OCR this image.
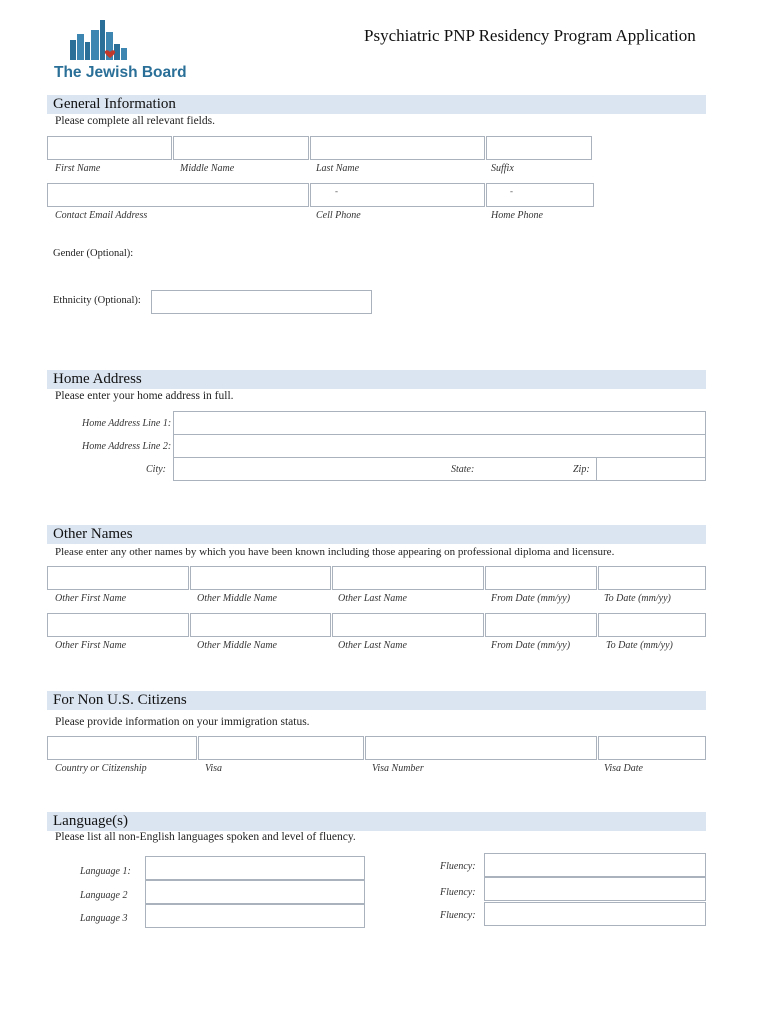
The Jewish Board
Psychiatric PNP Residency Program Application
General Information
Please complete all relevant fields.
First Name	Middle Name	Last Name	Suffix
-	-
Contact Email Address	Cell Phone	Home Phone
Gender (Optional):
Ethnicity (Optional):
Home Address
Please enter your home address in full.
Home Address Line 1:
Home Address Line 2:
City:	State:	Zip:
Other Names
Please enter any other names by which you have been known including those appearing on professional diploma and licensure.
Other First Name	Other Middle Name	Other Last Name	From Date (mm/yy)	To Date (mm/yy)
Other First Name	Other Middle Name	Other Last Name	From Date (mm/yy)	To Date (mm/yy)
For Non U.S. Citizens
Please provide information on your immigration status.
Country or Citizenship	Visa	Visa Number	Visa Date
Language(s)
Please list all non-English languages spoken and level of fluency.
Language 1:	Fluency:
Language 2	Fluency:
Language 3	Fluency:
